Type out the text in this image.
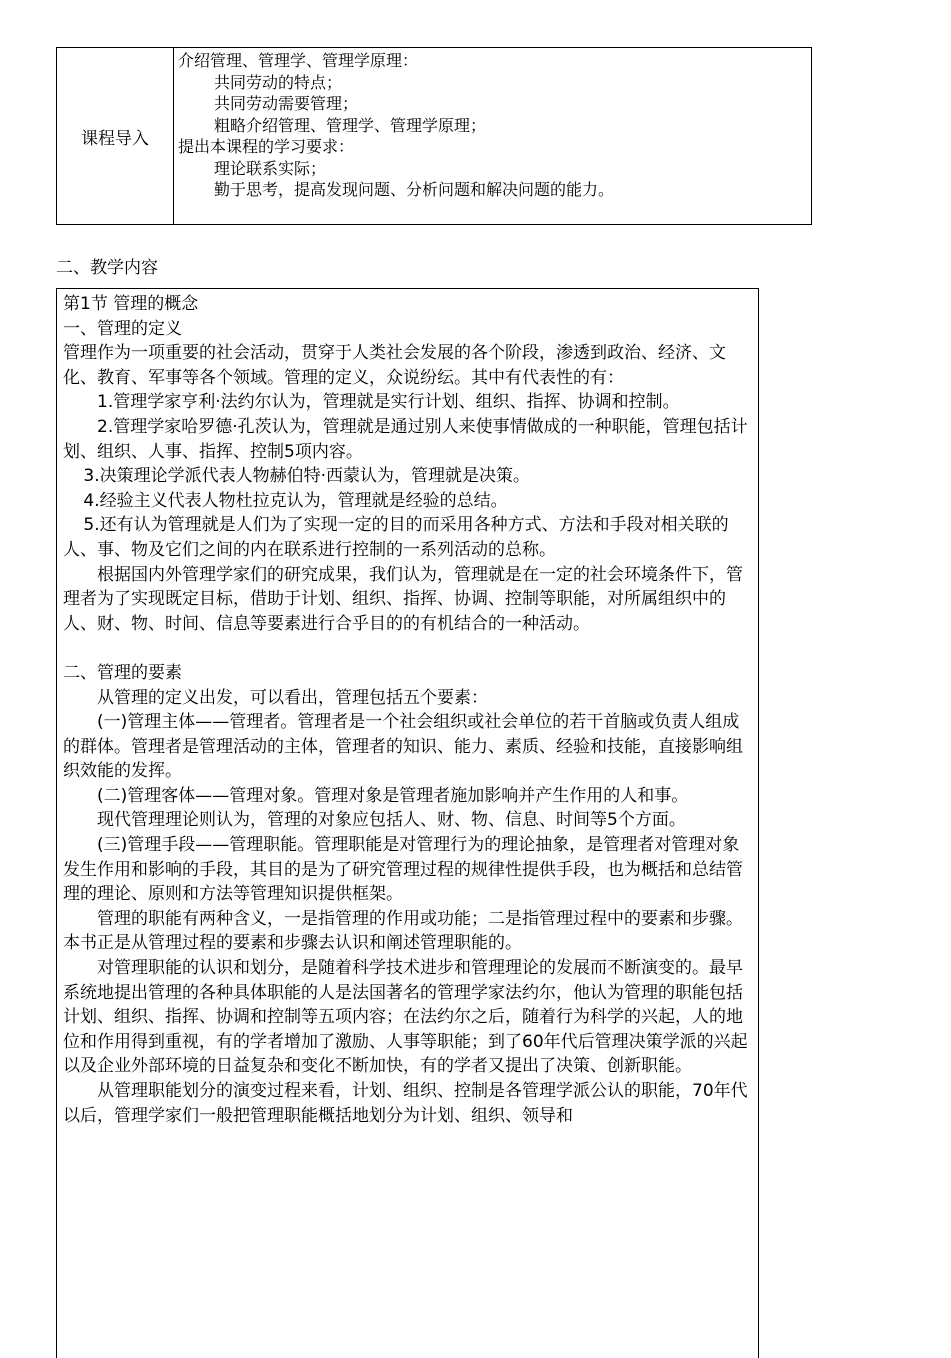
课程导入
介绍管理、管理学、管理学原理：
共同劳动的特点；
共同劳动需要管理；
粗略介绍管理、管理学、管理学原理；
提出本课程的学习要求：
理论联系实际；
勤于思考，提高发现问题、分析问题和解决问题的能力。
二、教学内容

第1节 管理的概念

一、管理的定义

管理作为一项重要的社会活动，贯穿于人类社会发展的各个阶段，渗透到政治、经济、文化、教育、军事等各个领域。管理的定义，众说纷纭。其中有代表性的有：

1.管理学家亨利·法约尔认为，管理就是实行计划、组织、指挥、协调和控制。

2.管理学家哈罗德·孔茨认为，管理就是通过别人来使事情做成的一种职能，管理包括计划、组织、人事、指挥、控制5项内容。

3.决策理论学派代表人物赫伯特·西蒙认为，管理就是决策。

4.经验主义代表人物杜拉克认为，管理就是经验的总结。

5.还有认为管理就是人们为了实现一定的目的而采用各种方式、方法和手段对相关联的人、事、物及它们之间的内在联系进行控制的一系列活动的总称。

根据国内外管理学家们的研究成果，我们认为，管理就是在一定的社会环境条件下，管理者为了实现既定目标，借助于计划、组织、指挥、协调、控制等职能，对所属组织中的人、财、物、时间、信息等要素进行合乎目的的有机结合的一种活动。

二、管理的要素

从管理的定义出发，可以看出，管理包括五个要素：

(一)管理主体——管理者。管理者是一个社会组织或社会单位的若干首脑或负责人组成的群体。管理者是管理活动的主体，管理者的知识、能力、素质、经验和技能，直接影响组织效能的发挥。

(二)管理客体——管理对象。管理对象是管理者施加影响并产生作用的人和事。

现代管理理论则认为，管理的对象应包括人、财、物、信息、时间等5个方面。

(三)管理手段——管理职能。管理职能是对管理行为的理论抽象，是管理者对管理对象发生作用和影响的手段，其目的是为了研究管理过程的规律性提供手段，也为概括和总结管理的理论、原则和方法等管理知识提供框架。

管理的职能有两种含义，一是指管理的作用或功能；二是指管理过程中的要素和步骤。本书正是从管理过程的要素和步骤去认识和阐述管理职能的。

对管理职能的认识和划分，是随着科学技术进步和管理理论的发展而不断演变的。最早系统地提出管理的各种具体职能的人是法国著名的管理学家法约尔，他认为管理的职能包括计划、组织、指挥、协调和控制等五项内容；在法约尔之后，随着行为科学的兴起，人的地位和作用得到重视，有的学者增加了激励、人事等职能；到了60年代后管理决策学派的兴起以及企业外部环境的日益复杂和变化不断加快，有的学者又提出了决策、创新职能。

从管理职能划分的演变过程来看，计划、组织、控制是各管理学派公认的职能，70年代以后，管理学家们一般把管理职能概括地划分为计划、组织、领导和
